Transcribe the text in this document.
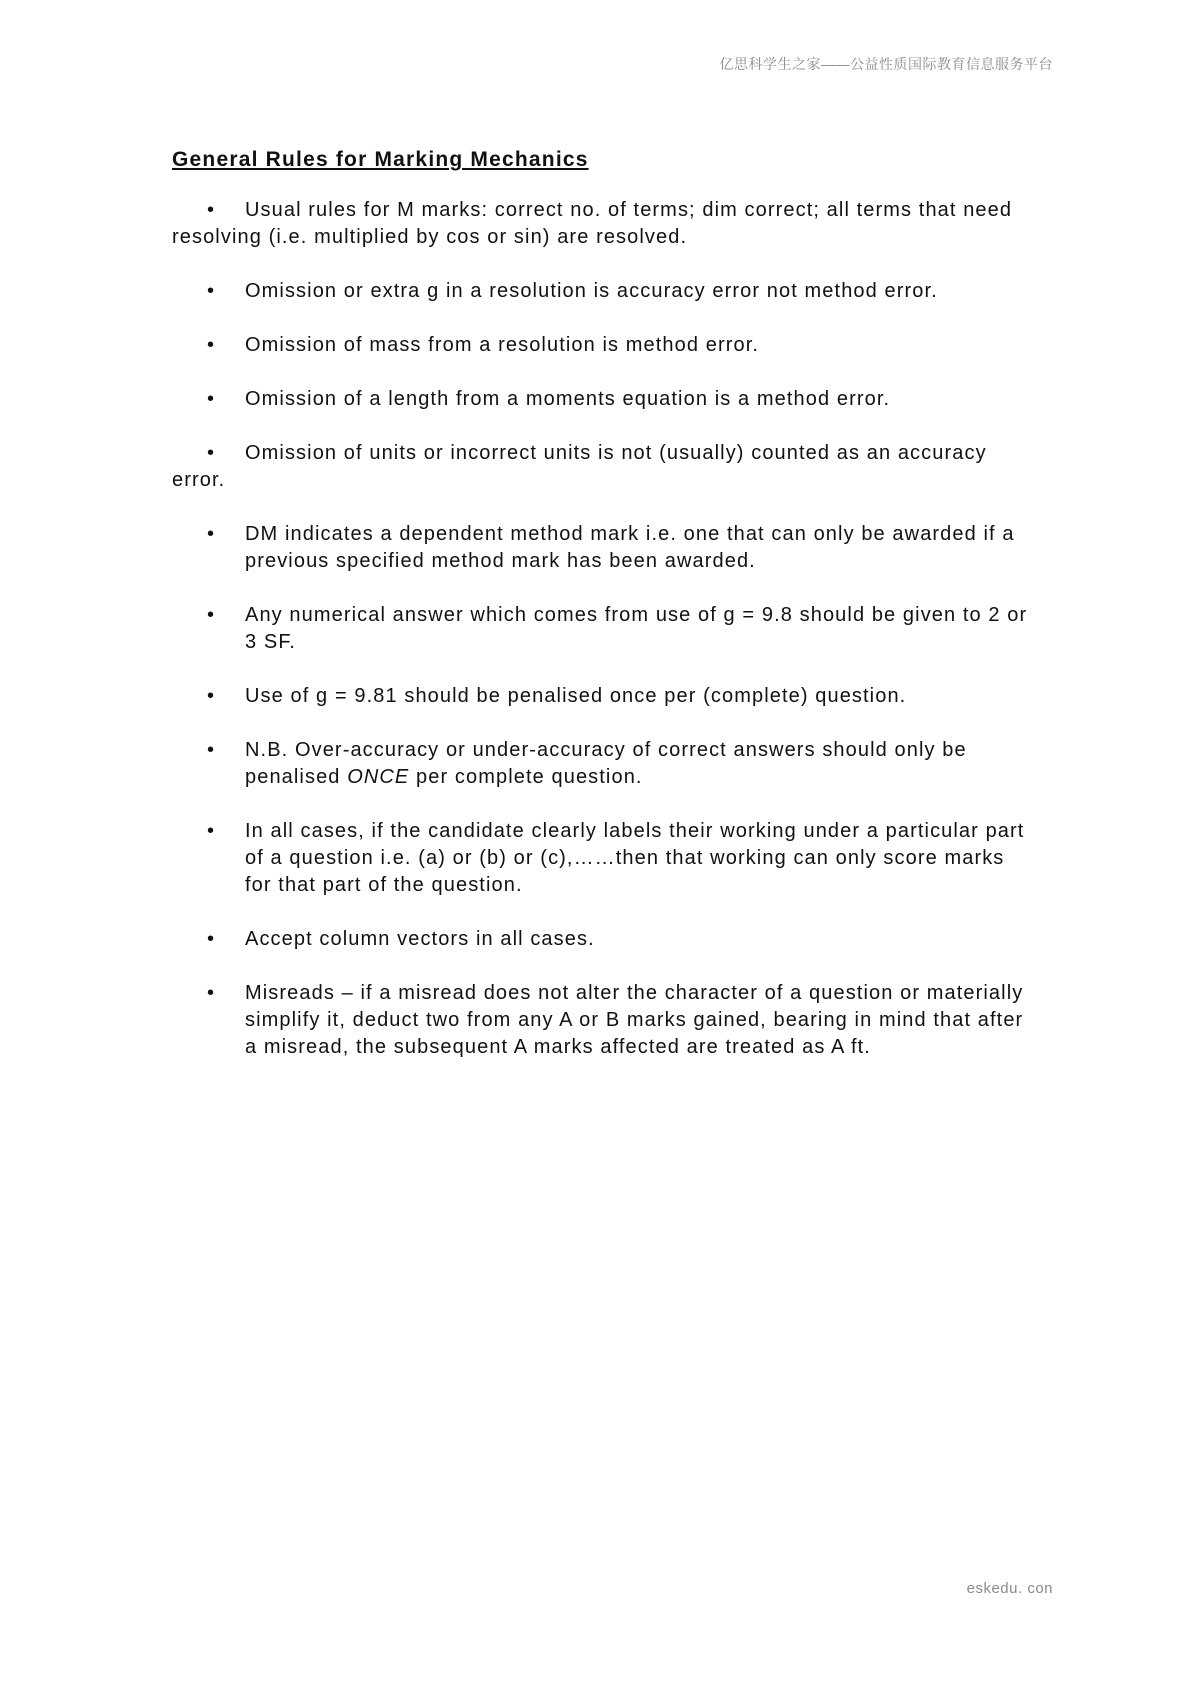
亿思科学生之家——公益性质国际教育信息服务平台
General Rules for Marking Mechanics
• Usual rules for M marks: correct no. of terms; dim correct; all terms that need resolving (i.e. multiplied by cos or sin) are resolved.
• Omission or extra g in a resolution is accuracy error not method error.
• Omission of mass from a resolution is method error.
• Omission of a length from a moments equation is a method error.
• Omission of units or incorrect units is not (usually) counted as an accuracy error.
• DM indicates a dependent method mark i.e. one that can only be awarded if a previous specified method mark has been awarded.
• Any numerical answer which comes from use of g = 9.8 should be given to 2 or 3 SF.
• Use of g = 9.81 should be penalised once per (complete) question.
• N.B. Over-accuracy or under-accuracy of correct answers should only be penalised ONCE per complete question.
• In all cases, if the candidate clearly labels their working under a particular part of a question i.e. (a) or (b) or (c),……then that working can only score marks for that part of the question.
• Accept column vectors in all cases.
• Misreads – if a misread does not alter the character of a question or materially simplify it, deduct two from any A or B marks gained, bearing in mind that after a misread, the subsequent A marks affected are treated as A ft.
eskedu. con
